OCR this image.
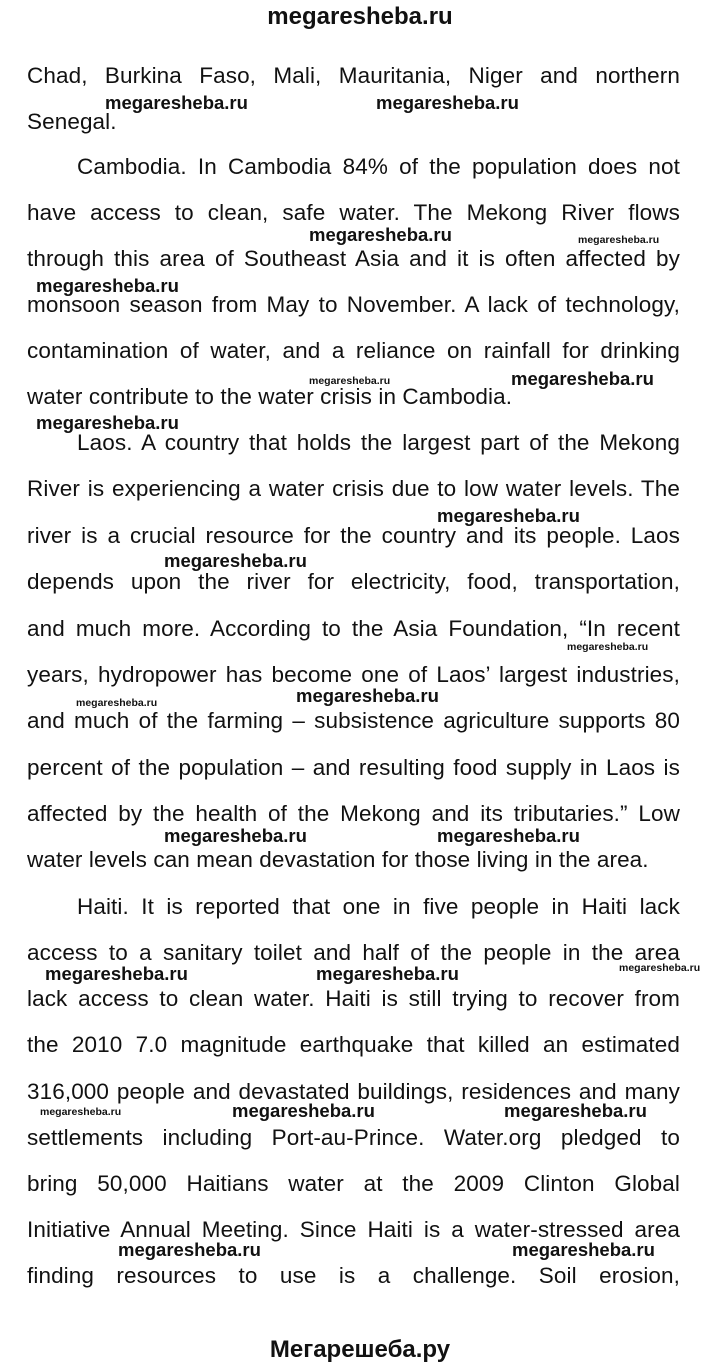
megaresheba.ru
Chad, Burkina Faso, Mali, Mauritania, Niger and northern
Senegal.
Cambodia. In Cambodia 84% of the population does not
have access to clean, safe water. The Mekong River flows
through this area of Southeast Asia and it is often affected by
monsoon season from May to November. A lack of technology,
contamination of water, and a reliance on rainfall for drinking
water contribute to the water crisis in Cambodia.
Laos. A country that holds the largest part of the Mekong
River is experiencing a water crisis due to low water levels. The
river is a crucial resource for the country and its people. Laos
depends upon the river for electricity, food, transportation,
and much more. According to the Asia Foundation, “In recent
years, hydropower has become one of Laos’ largest industries,
and much of the farming – subsistence agriculture supports 80
percent of the population – and resulting food supply in Laos is
affected by the health of the Mekong and its tributaries.” Low
water levels can mean devastation for those living in the area.
Haiti. It is reported that one in five people in Haiti lack
access to a sanitary toilet and half of the people in the area
lack access to clean water. Haiti is still trying to recover from
the 2010 7.0 magnitude earthquake that killed an estimated
316,000 people and devastated buildings, residences and many
settlements including Port-au-Prince. Water.org pledged to
bring 50,000 Haitians water at the 2009 Clinton Global
Initiative Annual Meeting. Since Haiti is a water-stressed area
finding resources to use is a challenge. Soil erosion,
megaresheba.ru	megaresheba.ru
megaresheba.ru	megaresheba.ru
megaresheba.ru
megaresheba.ru	megaresheba.ru
megaresheba.ru
megaresheba.ru
megaresheba.ru
megaresheba.ru
megaresheba.ru
megaresheba.ru
megaresheba.ru	megaresheba.ru
megaresheba.ru	megaresheba.ru	megaresheba.ru
megaresheba.ru	megaresheba.ru	megaresheba.ru
megaresheba.ru	megaresheba.ru
Мегарешеба.ру
